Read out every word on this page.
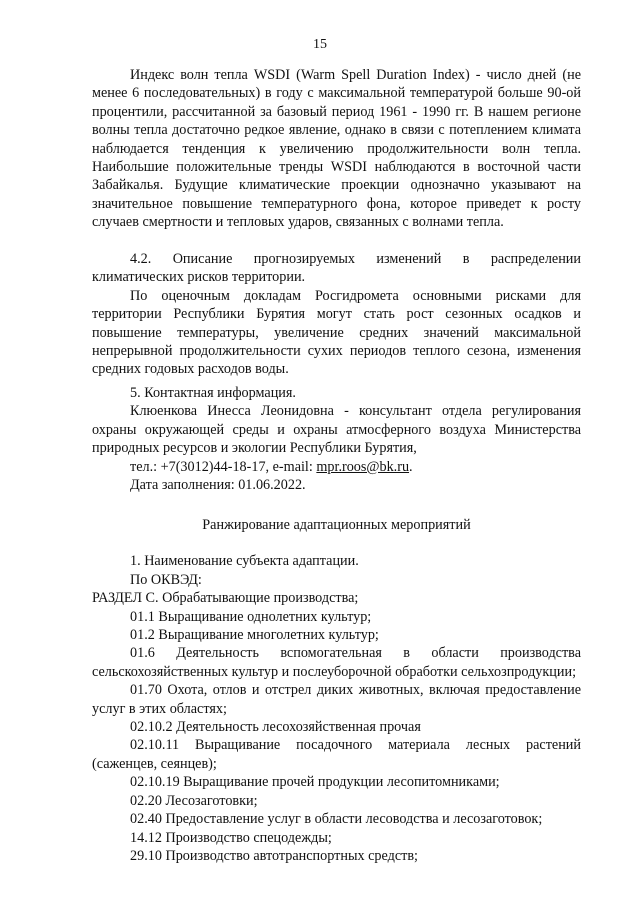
15

Индекс волн тепла WSDI (Warm Spell Duration Index) - число дней (не менее 6 последовательных) в году с максимальной температурой больше 90-ой процентили, рассчитанной за базовый период 1961 - 1990 гг. В нашем регионе волны тепла достаточно редкое явление, однако в связи с потеплением климата наблюдается тенденция к увеличению продолжительности волн тепла. Наибольшие положительные тренды WSDI наблюдаются в восточной части Забайкалья. Будущие климатические проекции однозначно указывают на значительное повышение температурного фона, которое приведет к росту случаев смертности и тепловых ударов, связанных с волнами тепла.

4.2. Описание прогнозируемых изменений в распределении климатических рисков территории.

По оценочным докладам Росгидромета основными рисками для территории Республики Бурятия могут стать рост сезонных осадков и повышение температуры, увеличение средних значений максимальной непрерывной продолжительности сухих периодов теплого сезона, изменения средних годовых расходов воды.

5. Контактная информация.

Клюенкова Инесса Леонидовна - консультант отдела регулирования охраны окружающей среды и охраны атмосферного воздуха Министерства природных ресурсов и экологии Республики Бурятия,

тел.: +7(3012)44-18-17, e-mail: mpr.roos@bk.ru.

Дата заполнения: 01.06.2022.

Ранжирование адаптационных мероприятий

1. Наименование субъекта адаптации.

По ОКВЭД:

РАЗДЕЛ С. Обрабатывающие производства;

01.1 Выращивание однолетних культур;

01.2 Выращивание многолетних культур;

01.6 Деятельность вспомогательная в области производства сельскохозяйственных культур и послеуборочной обработки сельхозпродукции;

01.70 Охота, отлов и отстрел диких животных, включая предоставление услуг в этих областях;

02.10.2 Деятельность лесохозяйственная прочая

02.10.11 Выращивание посадочного материала лесных растений (саженцев, сеянцев);

02.10.19 Выращивание прочей продукции лесопитомниками;

02.20 Лесозаготовки;

02.40 Предоставление услуг в области лесоводства и лесозаготовок;

14.12 Производство спецодежды;

29.10 Производство автотранспортных средств;
